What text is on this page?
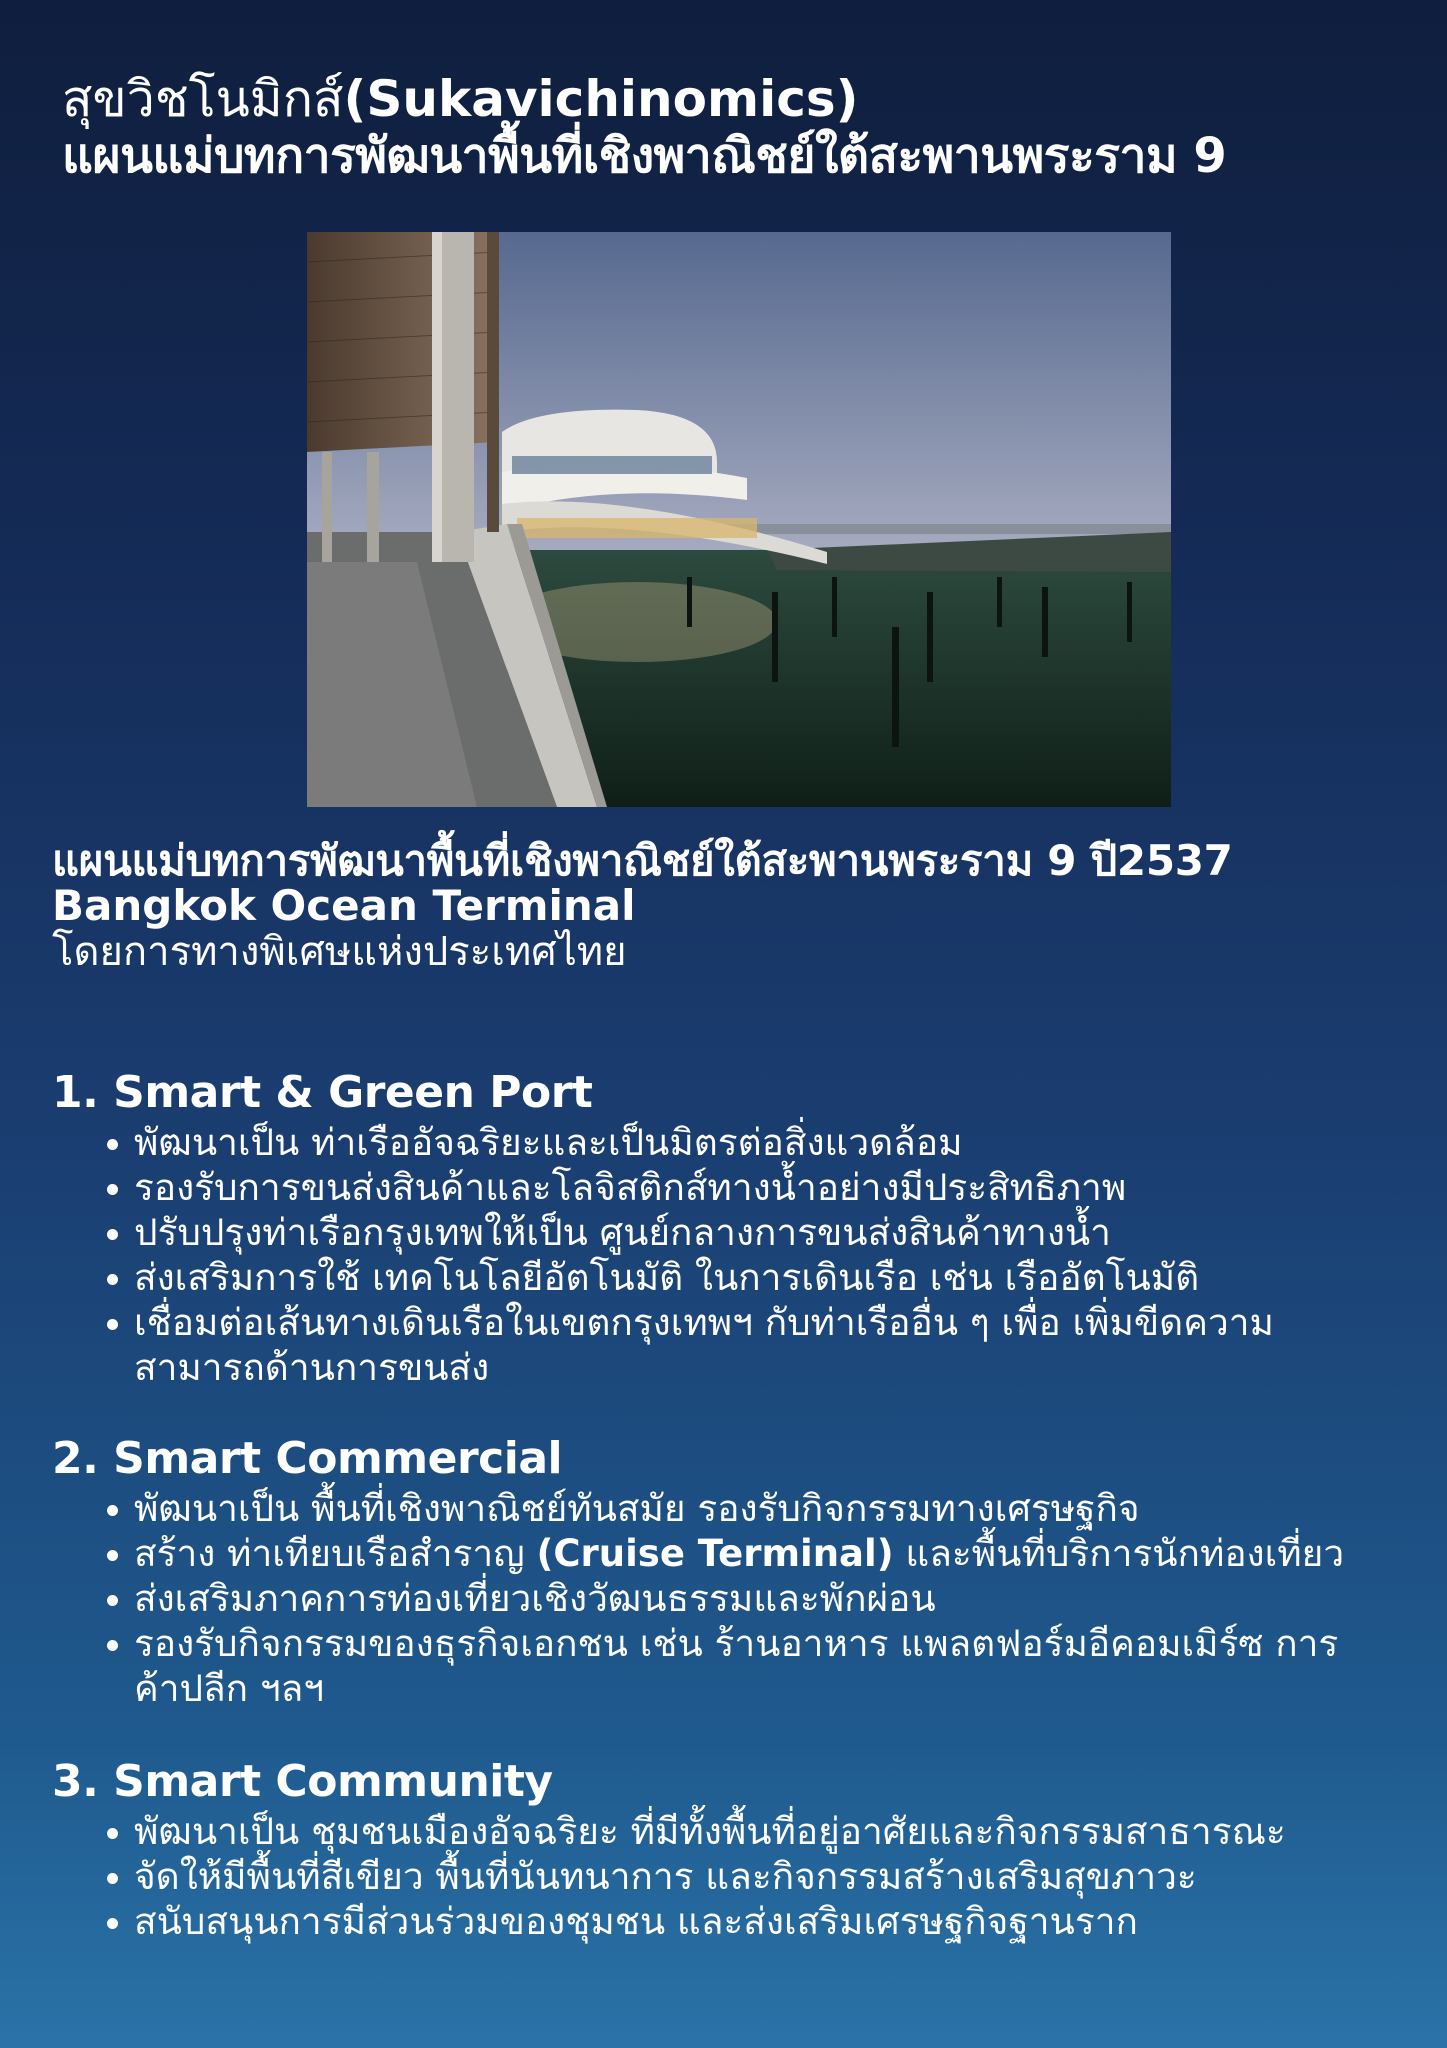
สุขวิชโนมิกส์(Sukavichinomics)
แผนแม่บทการพัฒนาพื้นที่เชิงพาณิชย์ใต้สะพานพระราม 9
แผนแม่บทการพัฒนาพื้นที่เชิงพาณิชย์ใต้สะพานพระราม 9 ปี2537
Bangkok Ocean Terminal
โดยการทางพิเศษแห่งประเทศไทย
1. Smart & Green Port
พัฒนาเป็น ท่าเรืออัจฉริยะและเป็นมิตรต่อสิ่งแวดล้อม
รองรับการขนส่งสินค้าและโลจิสติกส์ทางน้ำอย่างมีประสิทธิภาพ
ปรับปรุงท่าเรือกรุงเทพให้เป็น ศูนย์กลางการขนส่งสินค้าทางน้ำ
ส่งเสริมการใช้ เทคโนโลยีอัตโนมัติ ในการเดินเรือ เช่น เรืออัตโนมัติ
เชื่อมต่อเส้นทางเดินเรือในเขตกรุงเทพฯ กับท่าเรืออื่น ๆ เพื่อ เพิ่มขีดความ
สามารถด้านการขนส่ง
2. Smart Commercial
พัฒนาเป็น พื้นที่เชิงพาณิชย์ทันสมัย รองรับกิจกรรมทางเศรษฐกิจ
สร้าง ท่าเทียบเรือสำราญ (Cruise Terminal) และพื้นที่บริการนักท่องเที่ยว
ส่งเสริมภาคการท่องเที่ยวเชิงวัฒนธรรมและพักผ่อน
รองรับกิจกรรมของธุรกิจเอกชน เช่น ร้านอาหาร แพลตฟอร์มอีคอมเมิร์ซ การ
ค้าปลีก ฯลฯ
3. Smart Community
พัฒนาเป็น ชุมชนเมืองอัจฉริยะ ที่มีทั้งพื้นที่อยู่อาศัยและกิจกรรมสาธารณะ
จัดให้มีพื้นที่สีเขียว พื้นที่นันทนาการ และกิจกรรมสร้างเสริมสุขภาวะ
สนับสนุนการมีส่วนร่วมของชุมชน และส่งเสริมเศรษฐกิจฐานราก
